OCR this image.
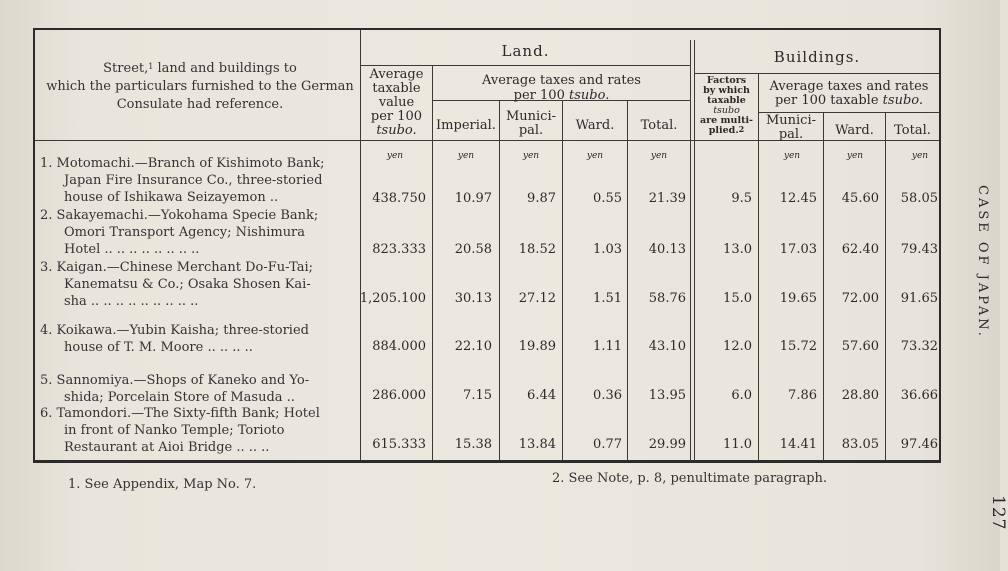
Street,$^1$ land and buildings to
which the particulars furnished to the German
Consulate had reference.
Land.	Buildings.
Average
taxable
value
per 100
tsubo.
Average taxes and rates
per 100 tsubo.
Imperial.
Munici-
pal.	Ward.	Total.
Factors
by which
taxable
tsubo
are multi-
plied.$^2$
Average taxes and rates
per 100 taxable tsubo.
Munici-
pal.	Ward.	Total.
yen	yen	yen	yen	yen	yen	yen	yen
1. Motomachi.—Branch of Kishimoto Bank;
Japan Fire Insurance Co., three-storied
house of Ishikawa Seizayemon ..	438.750	10.97	9.87	0.55	21.39	9.5	12.45	45.60	58.05
2. Sakayemachi.—Yokohama Specie Bank;
Omori Transport Agency; Nishimura
Hotel .. .. .. .. .. .. .. ..	823.333	20.58	18.52	1.03	40.13	13.0	17.03	62.40	79.43
3. Kaigan.—Chinese Merchant Do-Fu-Tai;
Kanematsu & Co.; Osaka Shosen Kai-
sha .. .. .. .. .. .. .. .. ..	1,205.100	30.13	27.12	1.51	58.76	15.0	19.65	72.00	91.65
4. Koikawa.—Yubin Kaisha; three-storied
house of T. M. Moore .. .. .. ..	884.000	22.10	19.89	1.11	43.10	12.0	15.72	57.60	73.32
5. Sannomiya.—Shops of Kaneko and Yo-
shida; Porcelain Store of Masuda ..	286.000	7.15	6.44	0.36	13.95	6.0	7.86	28.80	36.66
6. Tamondori.—The Sixty-fifth Bank; Hotel
in front of Nanko Temple; Torioto
Restaurant at Aioi Bridge .. .. ..	615.333	15.38	13.84	0.77	29.99	11.0	14.41	83.05	97.46
1. See Appendix, Map No. 7.	2. See Note, p. 8, penultimate paragraph.
CASE OF JAPAN.
127
